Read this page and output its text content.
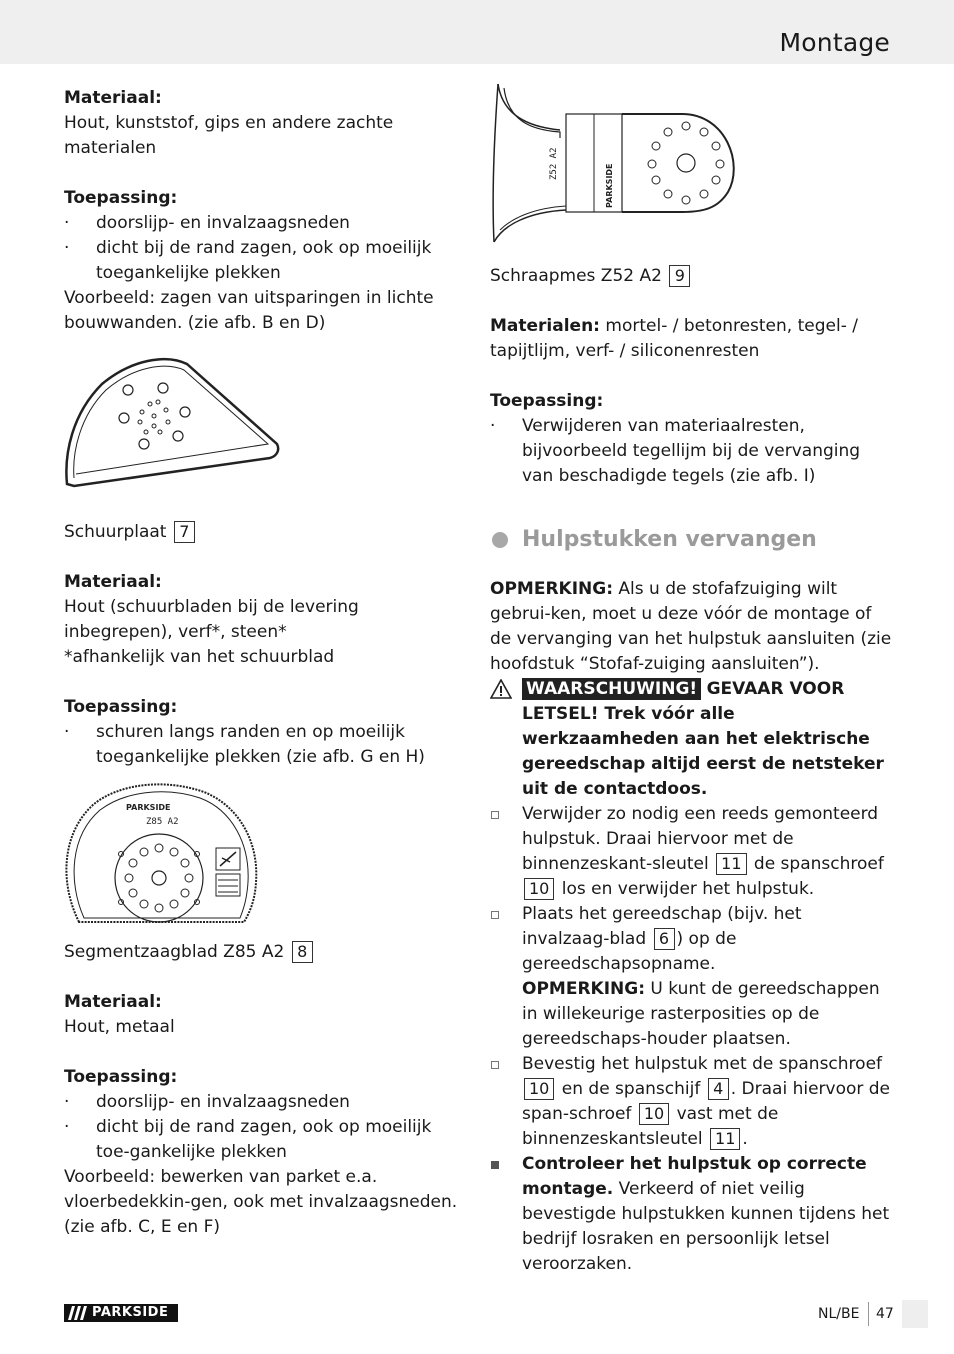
Montage
Materiaal:
Hout, kunststof, gips en andere zachte materialen
Toepassing:
· doorslijp- en invalzaagsneden
· dicht bij de rand zagen, ook op moeilijk toegankelijke plekken
Voorbeeld: zagen van uitsparingen in lichte bouwwanden. (zie afb. B en D)
Schuurplaat 7
Materiaal:
Hout (schuurbladen bij de levering inbegrepen), verf*, steen*
*afhankelijk van het schuurblad
Toepassing:
· schuren langs randen en op moeilijk toegankelijke plekken (zie afb. G en H)
PARKSIDE
Z85 A2
Segmentzaagblad Z85 A2 8
Materiaal:
Hout, metaal
Toepassing:
· doorslijp- en invalzaagsneden
· dicht bij de rand zagen, ook op moeilijk toe-gankelijke plekken
Voorbeeld: bewerken van parket e.a. vloerbedekkin-gen, ook met invalzaagsneden. (zie afb. C, E en F)
Z52 A2	PARKSIDE
Schraapmes Z52 A2 9
Materialen: mortel- / betonresten, tegel- / tapijtlijm, verf- / siliconenresten
Toepassing:
· Verwijderen van materiaalresten, bijvoorbeeld tegellijm bij de vervanging van beschadigde tegels (zie afb. I)
Hulpstukken vervangen
OPMERKING: Als u de stofafzuiging wilt gebrui-ken, moet u deze vóór de montage of de vervanging van het hulpstuk aansluiten (zie hoofdstuk “Stofaf-zuiging aansluiten”).
WAARSCHUWING! GEVAAR VOOR LETSEL! Trek vóór alle werkzaamheden aan het elektrische gereedschap altijd eerst de netsteker uit de contactdoos.
Verwijder zo nodig een reeds gemonteerd hulpstuk. Draai hiervoor met de binnenzeskant-sleutel 11 de spanschroef 10 los en verwijder het hulpstuk.
Plaats het gereedschap (bijv. het invalzaag-blad 6 ) op de gereedschapsopname.
OPMERKING: U kunt de gereedschappen in willekeurige rasterposities op de gereedschaps-houder plaatsen.
Bevestig het hulpstuk met de spanschroef 10 en de spanschijf 4 . Draai hiervoor de span-schroef 10 vast met de binnenzeskantsleutel 11 .
Controleer het hulpstuk op correcte montage. Verkeerd of niet veilig bevestigde hulpstukken kunnen tijdens het bedrijf losraken en persoonlijk letsel veroorzaken.
PARKSIDE	NL/BE 47
